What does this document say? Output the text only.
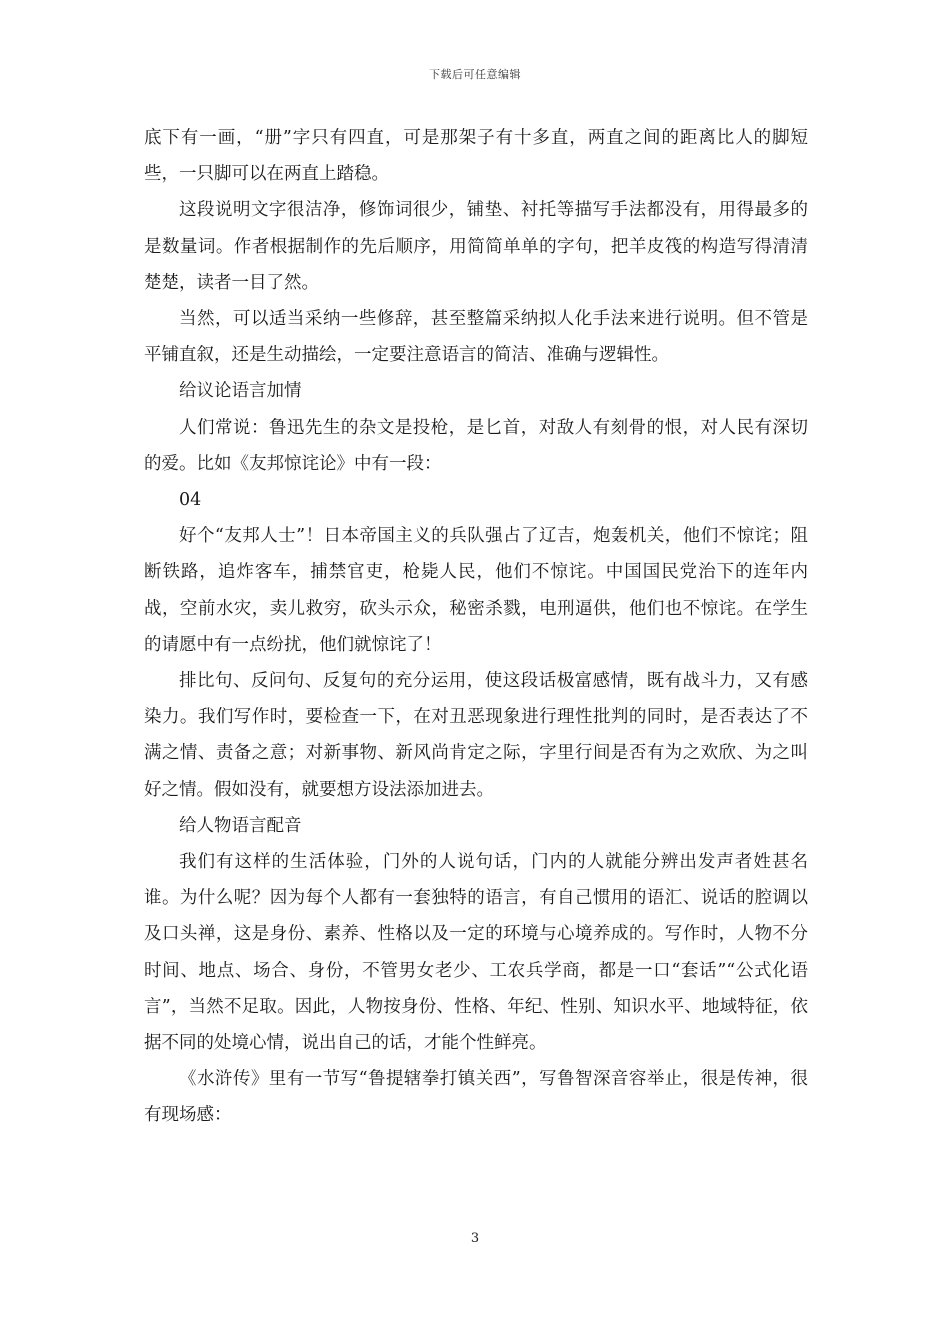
下载后可任意编辑

底下有一画，“册”字只有四直，可是那架子有十多直，两直之间的距离比人的脚短些，一只脚可以在两直上踏稳。

这段说明文字很洁净，修饰词很少，铺垫、衬托等描写手法都没有，用得最多的是数量词。作者根据制作的先后顺序，用简简单单的字句，把羊皮筏的构造写得清清楚楚，读者一目了然。

当然，可以适当采纳一些修辞，甚至整篇采纳拟人化手法来进行说明。但不管是平铺直叙，还是生动描绘，一定要注意语言的简洁、准确与逻辑性。

给议论语言加情

人们常说：鲁迅先生的杂文是投枪，是匕首，对敌人有刻骨的恨，对人民有深切的爱。比如《友邦惊诧论》中有一段：

04

好个“友邦人士”！日本帝国主义的兵队强占了辽吉，炮轰机关，他们不惊诧；阻断铁路，追炸客车，捕禁官吏，枪毙人民，他们不惊诧。中国国民党治下的连年内战，空前水灾，卖儿救穷，砍头示众，秘密杀戮，电刑逼供，他们也不惊诧。在学生的请愿中有一点纷扰，他们就惊诧了！

排比句、反问句、反复句的充分运用，使这段话极富感情，既有战斗力，又有感染力。我们写作时，要检查一下，在对丑恶现象进行理性批判的同时，是否表达了不满之情、责备之意；对新事物、新风尚肯定之际，字里行间是否有为之欢欣、为之叫好之情。假如没有，就要想方设法添加进去。

给人物语言配音

我们有这样的生活体验，门外的人说句话，门内的人就能分辨出发声者姓甚名谁。为什么呢？因为每个人都有一套独特的语言，有自己惯用的语汇、说话的腔调以及口头禅，这是身份、素养、性格以及一定的环境与心境养成的。写作时，人物不分时间、地点、场合、身份，不管男女老少、工农兵学商，都是一口“套话”“公式化语言”，当然不足取。因此，人物按身份、性格、年纪、性别、知识水平、地域特征，依据不同的处境心情，说出自己的话，才能个性鲜亮。

《水浒传》里有一节写“鲁提辖拳打镇关西”，写鲁智深音容举止，很是传神，很有现场感：

3
